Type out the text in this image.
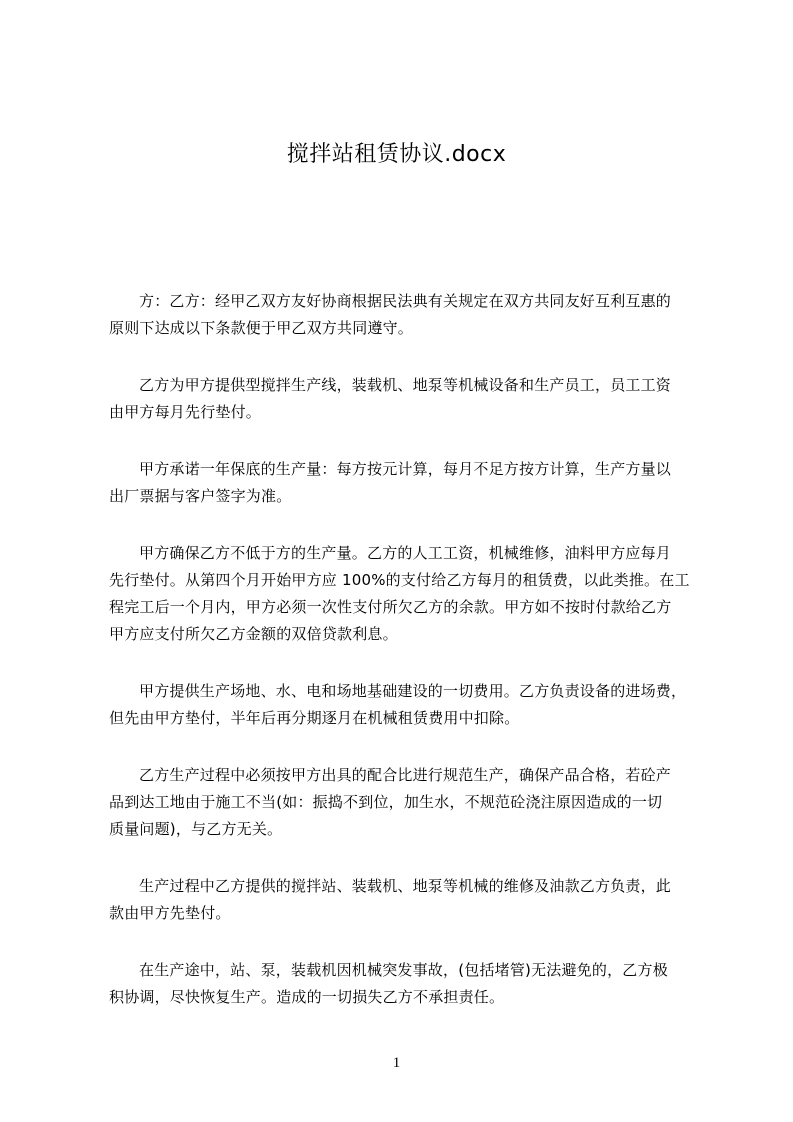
搅拌站租赁协议.docx

方：乙方：经甲乙双方友好协商根据民法典有关规定在双方共同友好互利互惠的
原则下达成以下条款便于甲乙双方共同遵守。

乙方为甲方提供型搅拌生产线，装载机、地泵等机械设备和生产员工，员工工资
由甲方每月先行垫付。

甲方承诺一年保底的生产量：每方按元计算，每月不足方按方计算，生产方量以
出厂票据与客户签字为准。

甲方确保乙方不低于方的生产量。乙方的人工工资，机械维修，油料甲方应每月
先行垫付。从第四个月开始甲方应 100%的支付给乙方每月的租赁费，以此类推。在工
程完工后一个月内，甲方必须一次性支付所欠乙方的余款。甲方如不按时付款给乙方
甲方应支付所欠乙方金额的双倍贷款利息。

甲方提供生产场地、水、电和场地基础建设的一切费用。乙方负责设备的进场费，
但先由甲方垫付，半年后再分期逐月在机械租赁费用中扣除。

乙方生产过程中必须按甲方出具的配合比进行规范生产，确保产品合格，若砼产
品到达工地由于施工不当(如：振捣不到位，加生水，不规范砼浇注原因造成的一切
质量问题)，与乙方无关。

生产过程中乙方提供的搅拌站、装载机、地泵等机械的维修及油款乙方负责，此
款由甲方先垫付。

在生产途中，站、泵，装载机因机械突发事故，(包括堵管)无法避免的，乙方极
积协调，尽快恢复生产。造成的一切损失乙方不承担责任。

1
